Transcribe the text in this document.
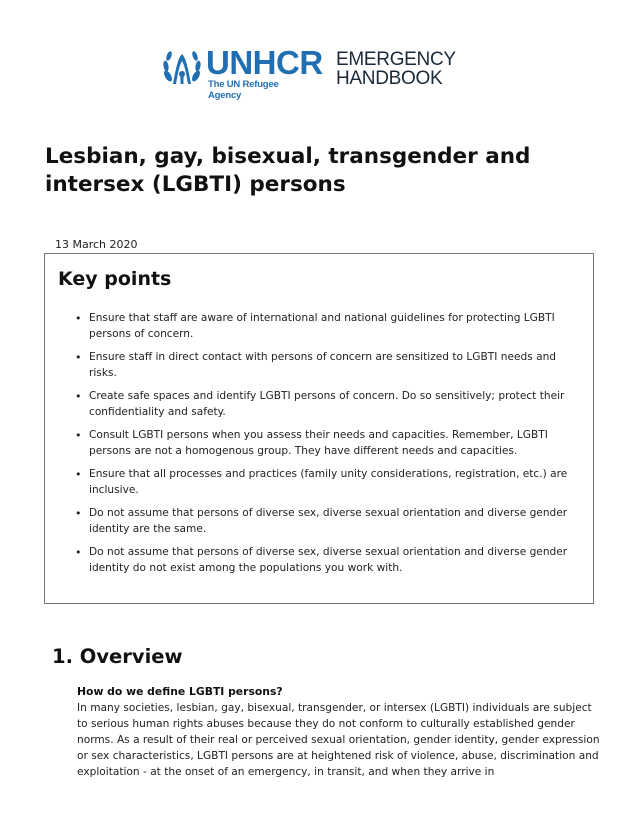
UNHCR
The UN Refugee Agency
EMERGENCY
HANDBOOK
Lesbian, gay, bisexual, transgender and intersex (LGBTI) persons
13 March 2020
Key points
• Ensure that staff are aware of international and national guidelines for protecting LGBTI persons of concern.
• Ensure staff in direct contact with persons of concern are sensitized to LGBTI needs and risks.
• Create safe spaces and identify LGBTI persons of concern. Do so sensitively; protect their confidentiality and safety.
• Consult LGBTI persons when you assess their needs and capacities. Remember, LGBTI persons are not a homogenous group. They have different needs and capacities.
• Ensure that all processes and practices (family unity considerations, registration, etc.) are inclusive.
• Do not assume that persons of diverse sex, diverse sexual orientation and diverse gender identity are the same.
• Do not assume that persons of diverse sex, diverse sexual orientation and diverse gender identity do not exist among the populations you work with.
1. Overview
How do we define LGBTI persons?

In many societies, lesbian, gay, bisexual, transgender, or intersex (LGBTI) individuals are subject to serious human rights abuses because they do not conform to culturally established gender norms. As a result of their real or perceived sexual orientation, gender identity, gender expression or sex characteristics, LGBTI persons are at heightened risk of violence, abuse, discrimination and exploitation - at the onset of an emergency, in transit, and when they arrive in
